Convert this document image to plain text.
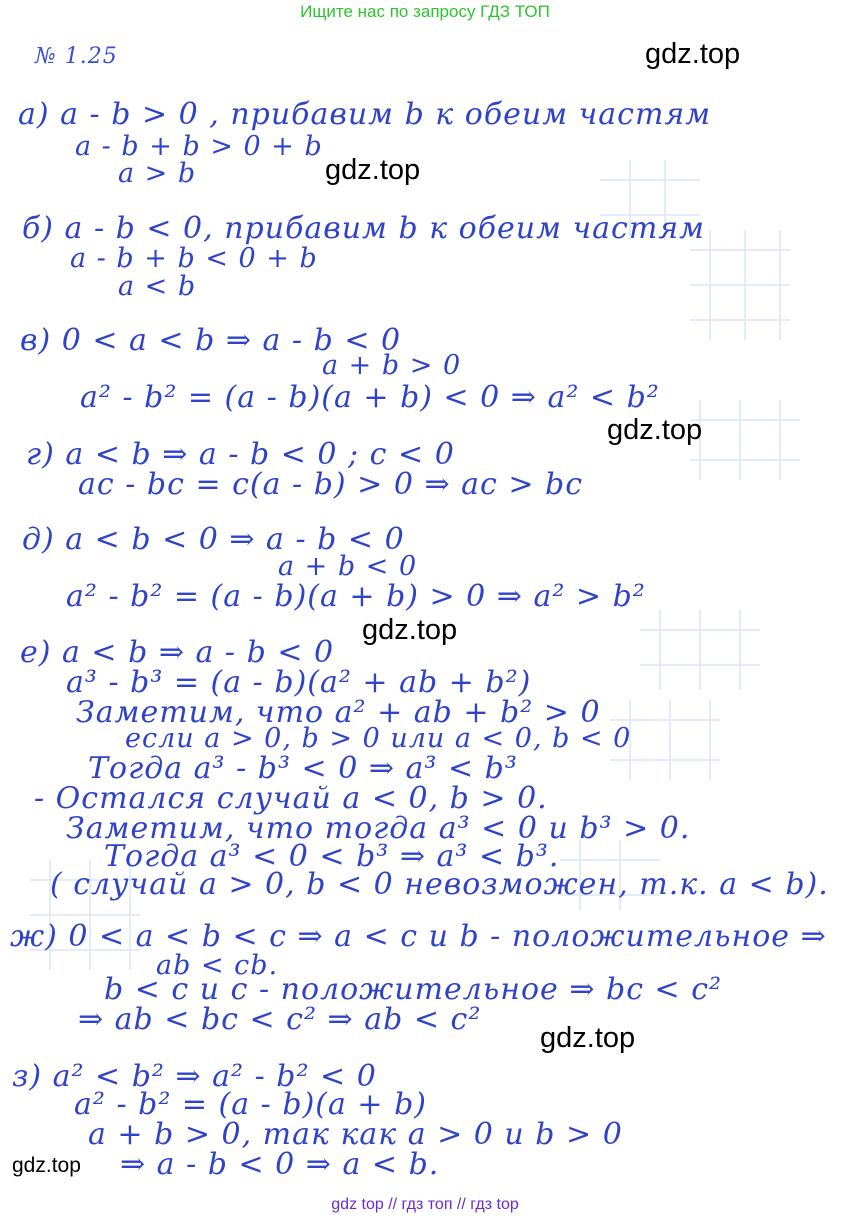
Ищите нас по запросу ГДЗ ТОП
№ 1.25
а) a - b > 0 , прибавим b к обеим частям
a - b + b > 0 + b
a > b
б) a - b < 0, прибавим b к обеим частям
a - b + b < 0 + b
a < b
в) 0 < a < b ⇒ a - b < 0
a + b > 0
a² - b² = (a - b)(a + b) < 0 ⇒ a² < b²
г) a < b ⇒ a - b < 0 ; c < 0
ac - bc = c(a - b) > 0 ⇒ ac > bc
д) a < b < 0 ⇒ a - b < 0
a + b < 0
a² - b² = (a - b)(a + b) > 0 ⇒ a² > b²
е) a < b ⇒ a - b < 0
a³ - b³ = (a - b)(a² + ab + b²)
Заметим, что a² + ab + b² > 0
если a > 0, b > 0 или a < 0, b < 0
Тогда a³ - b³ < 0 ⇒ a³ < b³
- Остался случай a < 0, b > 0.
Заметим, что тогда a³ < 0 и b³ > 0.
Тогда a³ < 0 < b³ ⇒ a³ < b³.
( случай a > 0, b < 0 невозможен, т.к. a < b).
ж) 0 < a < b < c ⇒ a < c и b - положительное ⇒
ab < cb.
b < c и c - положительное ⇒ bc < c²
⇒ ab < bc < c² ⇒ ab < c²
з) a² < b² ⇒ a² - b² < 0
a² - b² = (a - b)(a + b)
a + b > 0, так как a > 0 и b > 0
⇒ a - b < 0 ⇒ a < b.
gdz.top
gdz.top
gdz.top
gdz.top
gdz.top
gdz.top
gdz top // гдз топ // гдз top
